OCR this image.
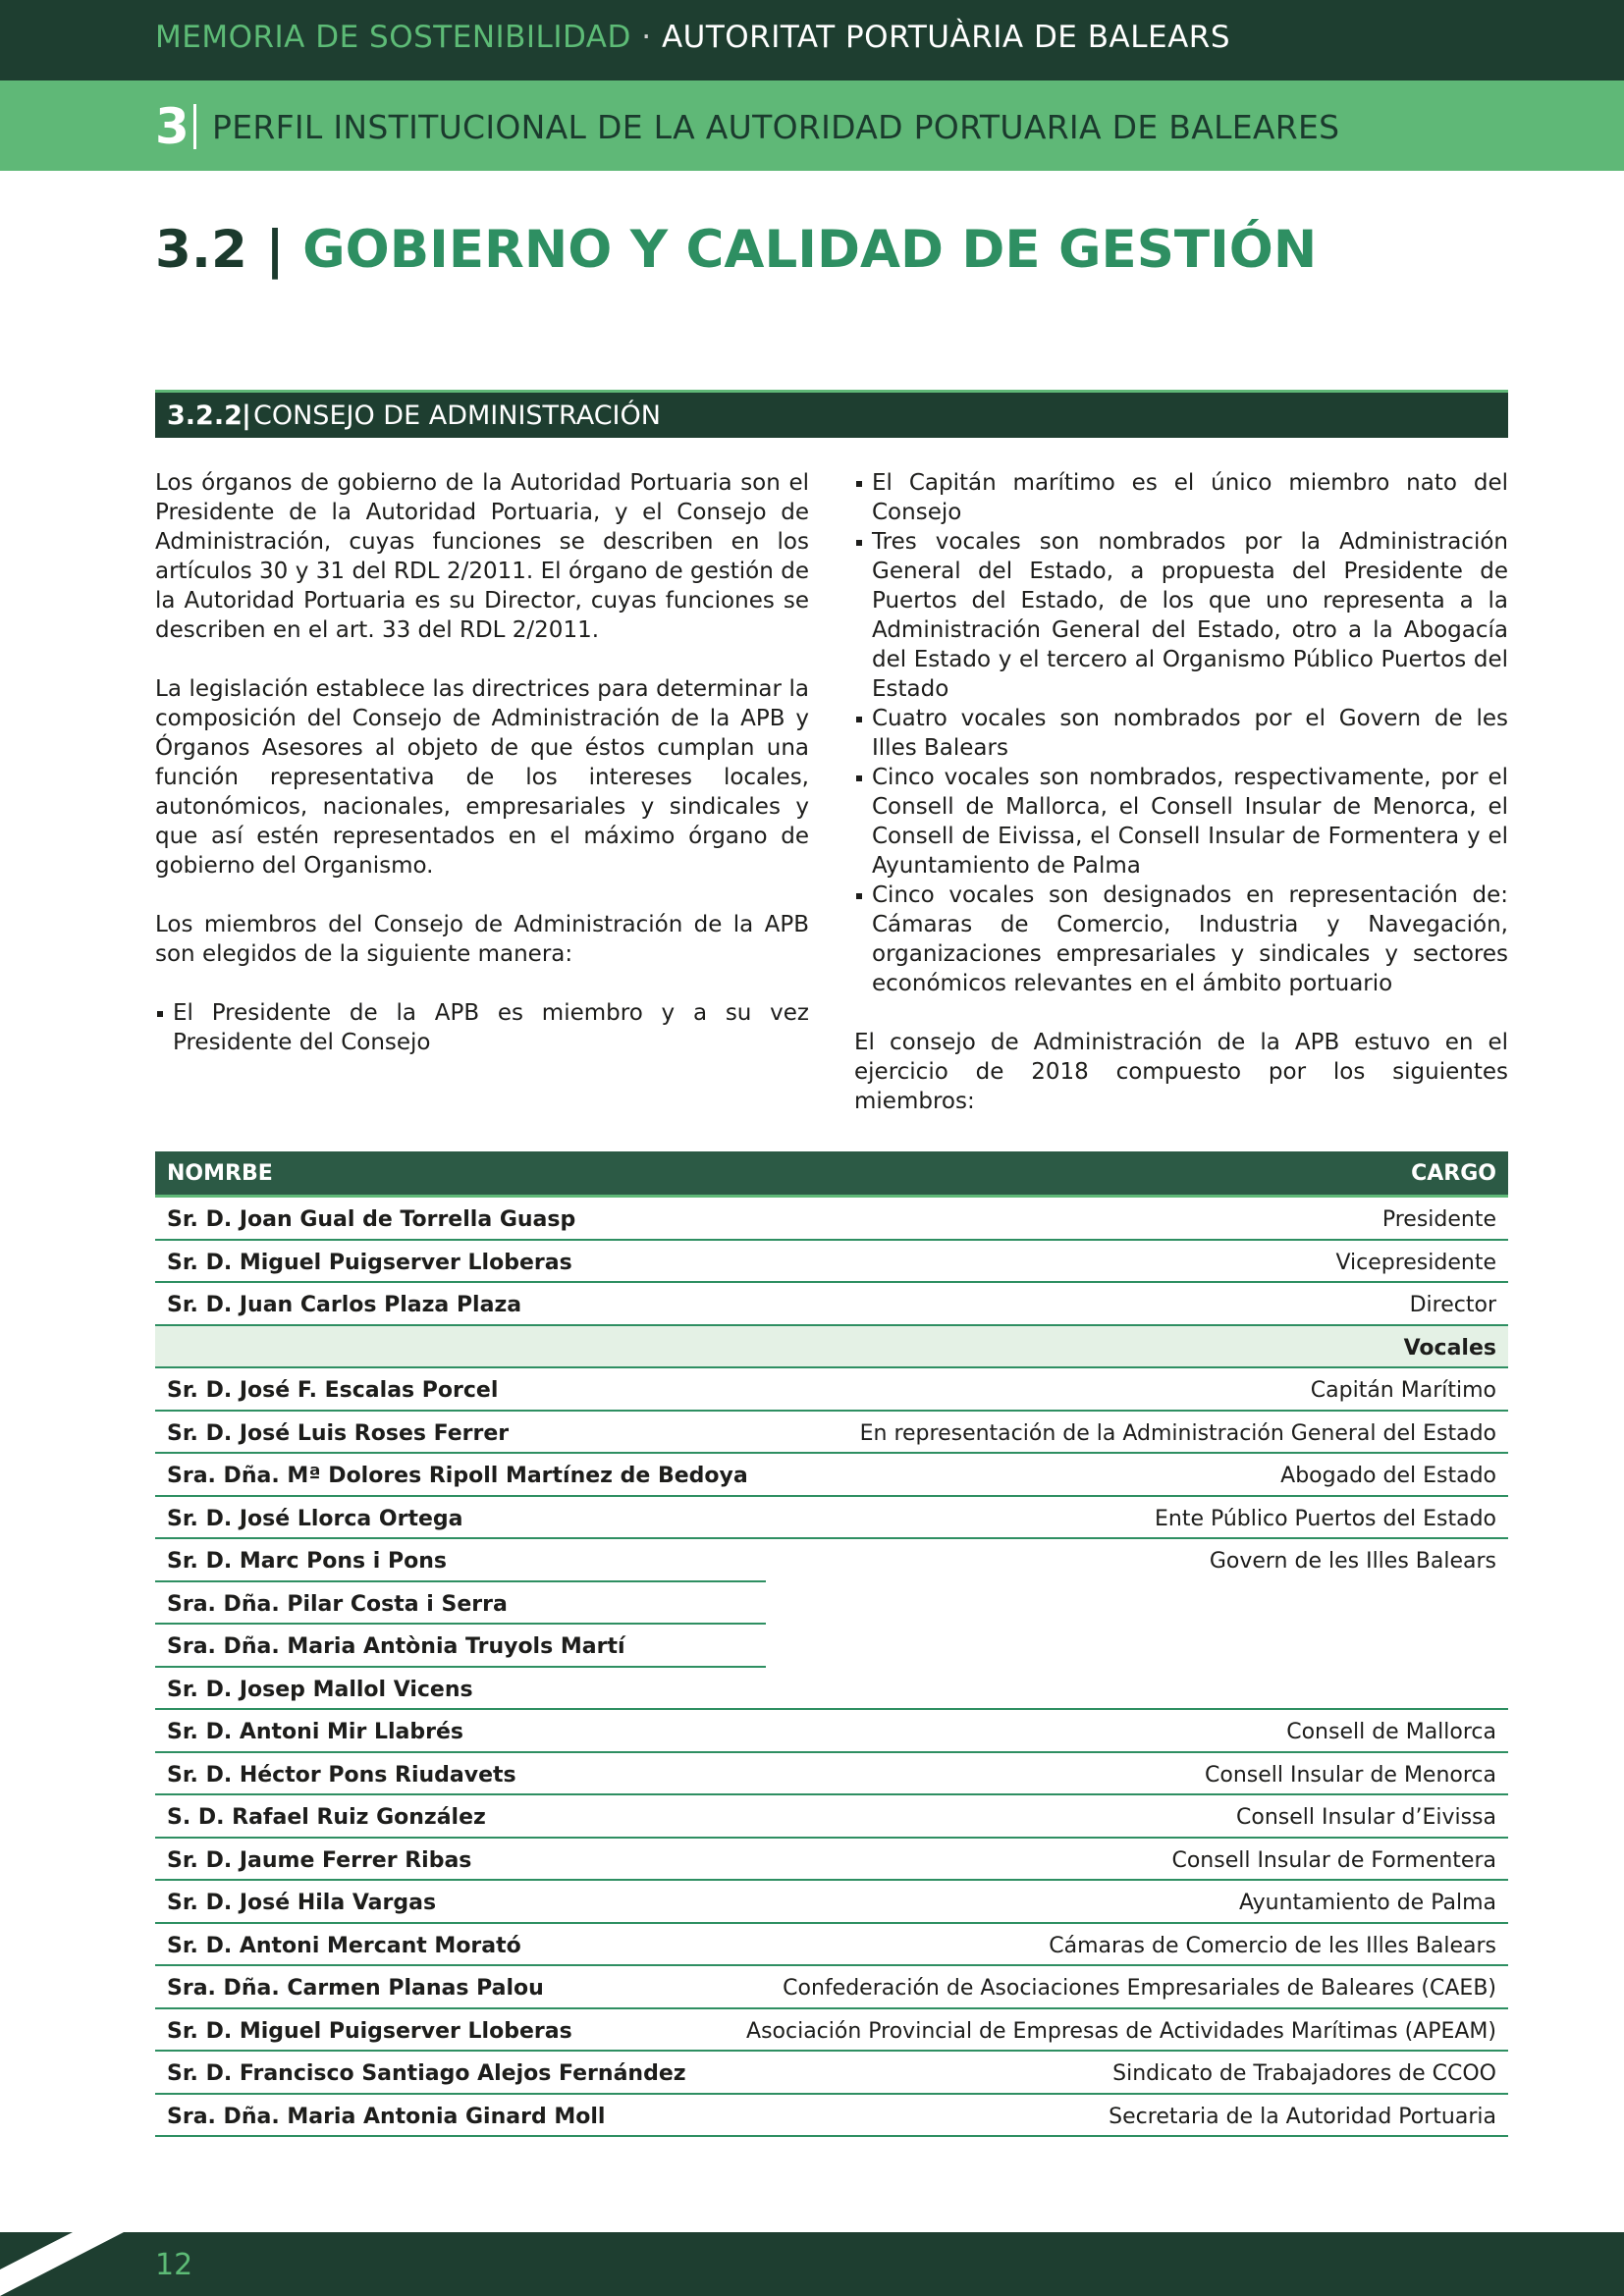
MEMORIA DE SOSTENIBILIDAD · AUTORITAT PORTUÀRIA DE BALEARS
3 PERFIL INSTITUCIONAL DE LA AUTORIDAD PORTUARIA DE BALEARES
3.2 | GOBIERNO Y CALIDAD DE GESTIÓN
3.2.2 | CONSEJO DE ADMINISTRACIÓN

Los órganos de gobierno de la Autoridad Portuaria son el Presidente de la Autoridad Portuaria, y el Consejo de Administración, cuyas funciones se describen en los artículos 30 y 31 del RDL 2/2011. El órgano de gestión de la Autoridad Portuaria es su Director, cuyas funciones se describen en el art. 33 del RDL 2/2011.

La legislación establece las directrices para determinar la composición del Consejo de Administración de la APB y Órganos Asesores al objeto de que éstos cumplan una función representativa de los intereses locales, autonómicos, nacionales, empresariales y sindicales y que así estén representados en el máximo órgano de gobierno del Organismo.

Los miembros del Consejo de Administración de la APB son elegidos de la siguiente manera:

El Presidente de la APB es miembro y a su vez Presidente del Consejo
El Capitán marítimo es el único miembro nato del Consejo
Tres vocales son nombrados por la Administración General del Estado, a propuesta del Presidente de Puertos del Estado, de los que uno representa a la Administración General del Estado, otro a la Abogacía del Estado y el tercero al Organismo Público Puertos del Estado
Cuatro vocales son nombrados por el Govern de les Illes Balears
Cinco vocales son nombrados, respectivamente, por el Consell de Mallorca, el Consell Insular de Menorca, el Consell de Eivissa, el Consell Insular de Formentera y el Ayuntamiento de Palma
Cinco vocales son designados en representación de: Cámaras de Comercio, Industria y Navegación, organizaciones empresariales y sindicales y sectores económicos relevantes en el ámbito portuario

El consejo de Administración de la APB estuvo en el ejercicio de 2018 compuesto por los siguientes miembros:

NOMRBE	CARGO
Sr. D. Joan Gual de Torrella Guasp	Presidente
Sr. D. Miguel Puigserver Lloberas	Vicepresidente
Sr. D. Juan Carlos Plaza Plaza	Director
Vocales
Sr. D. José F. Escalas Porcel	Capitán Marítimo
Sr. D. José Luis Roses Ferrer	En representación de la Administración General del Estado
Sra. Dña. Mª Dolores Ripoll Martínez de Bedoya	Abogado del Estado
Sr. D. José Llorca Ortega	Ente Público Puertos del Estado
Sr. D. Marc Pons i Pons	Govern de les Illes Balears
Sra. Dña. Pilar Costa i Serra
Sra. Dña. Maria Antònia Truyols Martí
Sr. D. Josep Mallol Vicens
Sr. D. Antoni Mir Llabrés	Consell de Mallorca
Sr. D. Héctor Pons Riudavets	Consell Insular de Menorca
S. D. Rafael Ruiz González	Consell Insular d’Eivissa
Sr. D. Jaume Ferrer Ribas	Consell Insular de Formentera
Sr. D. José Hila Vargas	Ayuntamiento de Palma
Sr. D. Antoni Mercant Morató	Cámaras de Comercio de les Illes Balears
Sra. Dña. Carmen Planas Palou	Confederación de Asociaciones Empresariales de Baleares (CAEB)
Sr. D. Miguel Puigserver Lloberas	Asociación Provincial de Empresas de Actividades Marítimas (APEAM)
Sr. D. Francisco Santiago Alejos Fernández	Sindicato de Trabajadores de CCOO
Sra. Dña. Maria Antonia Ginard Moll	Secretaria de la Autoridad Portuaria
12
